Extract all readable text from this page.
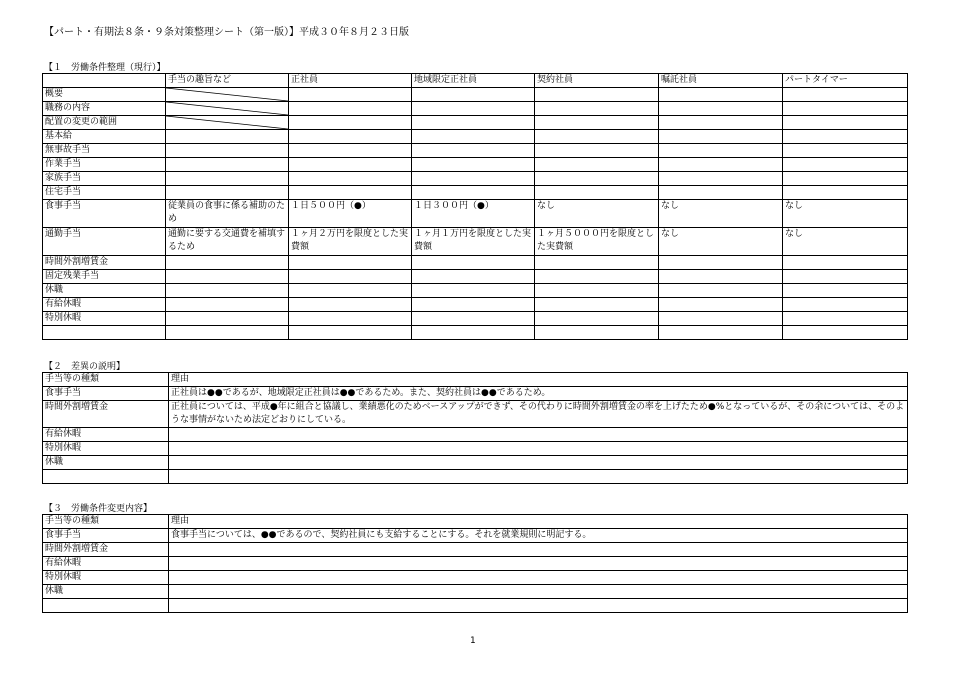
【パート・有期法８条・９条対策整理シート（第一版）】平成３０年８月２３日版
【１　労働条件整理（現行）】
	手当の趣旨など	正社員	地域限定正社員	契約社員	嘱託社員	パートタイマー
概要	

職務の内容	

配置の変更の範囲	

基本給						
無事故手当						
作業手当						
家族手当						
住宅手当						
食事手当	従業員の食事に係る補助のため	１日５００円（●）	１日３００円（●）	なし	なし	なし
通勤手当	通勤に要する交通費を補填するため	１ヶ月２万円を限度とした実費額	１ヶ月１万円を限度とした実費額	１ヶ月５０００円を限度とした実費額	なし	なし
時間外割増賃金						
固定残業手当						
休職						
有給休暇						
特別休暇						

【２　差異の説明】
手当等の種類	理由
食事手当	正社員は●●であるが、地域限定正社員は●●であるため。また、契約社員は●●であるため。
時間外割増賃金	正社員については、平成●年に組合と協議し、業績悪化のためベースアップができず、その代わりに時間外割増賃金の率を上げたため●%となっているが、その余については、そのような事情がないため法定どおりにしている。
有給休暇	
特別休暇	
休職	

【３　労働条件変更内容】
手当等の種類	理由
食事手当	食事手当については、●●であるので、契約社員にも支給することにする。それを就業規則に明記する。
時間外割増賃金	
有給休暇	
特別休暇	
休職	

1
